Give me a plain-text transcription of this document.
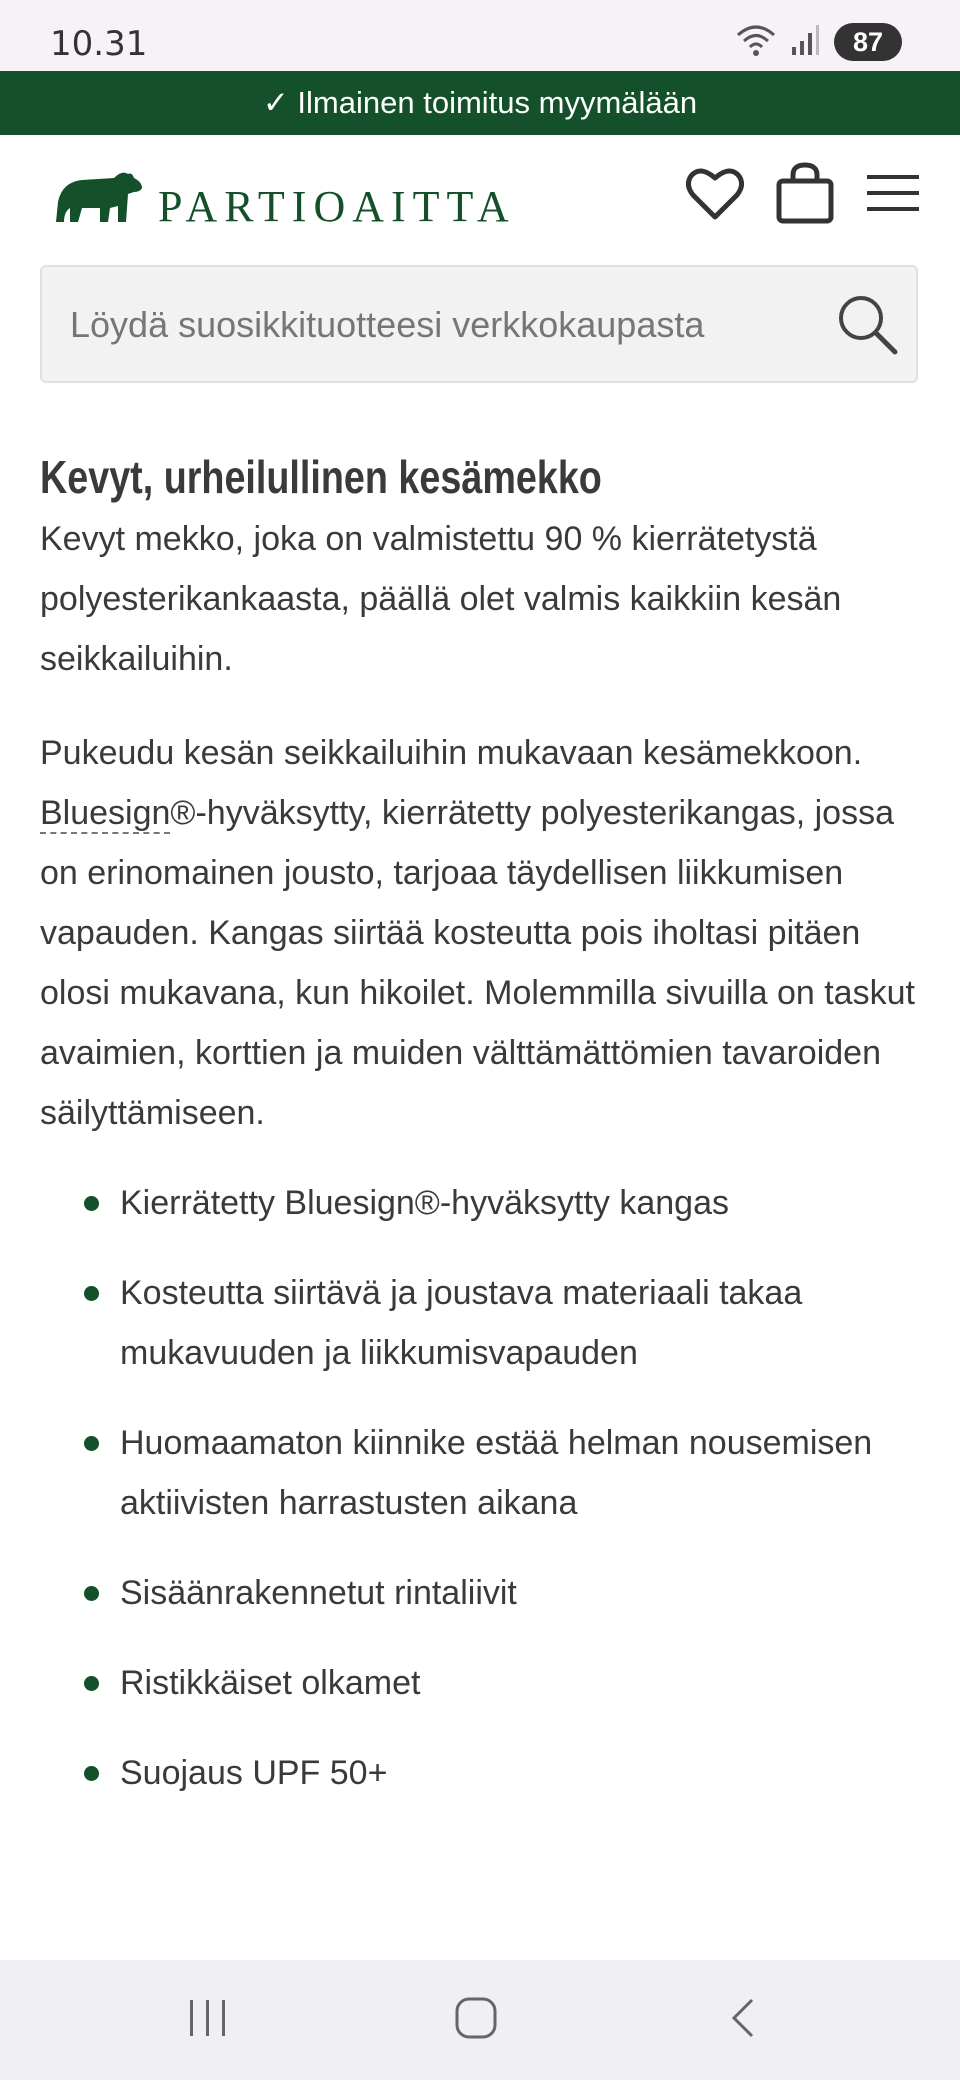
10.31	87
✓ Ilmainen toimitus myymälään
PARTIOAITTA
Löydä suosikkituotteesi verkkokaupasta
Kevyt, urheilullinen kesämekko

Kevyt mekko, joka on valmistettu 90 % kierrätetystä polyesterikankaasta, päällä olet valmis kaikkiin kesän seikkailuihin.

Pukeudu kesän seikkailuihin mukavaan kesämekkoon. Bluesign®-hyväksytty, kierrätetty polyesterikangas, jossa on erinomainen jousto, tarjoaa täydellisen liikkumisen vapauden. Kangas siirtää kosteutta pois iholtasi pitäen olosi mukavana, kun hikoilet. Molemmilla sivuilla on taskut avaimien, korttien ja muiden välttämättömien tavaroiden säilyttämiseen.

Kierrätetty Bluesign®-hyväksytty kangas
Kosteutta siirtävä ja joustava materiaali takaa mukavuuden ja liikkumisvapauden
Huomaamaton kiinnike estää helman nousemisen aktiivisten harrastusten aikana
Sisäänrakennetut rintaliivit
Ristikkäiset olkamet
Suojaus UPF 50+
